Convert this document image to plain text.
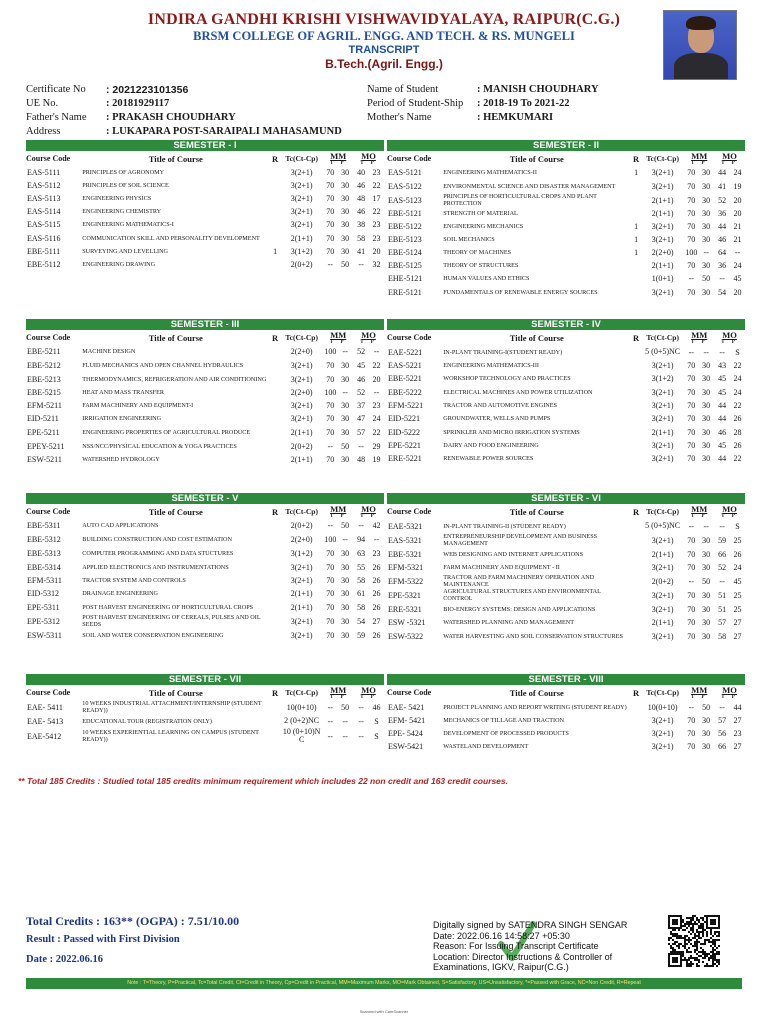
INDIRA GANDHI KRISHI VISHWAVIDYALAYA, RAIPUR(C.G.)
BRSM COLLEGE OF AGRIL. ENGG. AND TECH. & RS. MUNGELI
TRANSCRIPT
B.Tech.(Agril. Engg.)
Certificate No : 2021223101356
UE No.	: 20181929117
Father's Name : PRAKASH CHOUDHARY
Address	: LUKAPARA POST-SARAIPALI MAHASAMUND
Name of Student	: MANISH CHOUDHARY
Period of Student-Ship : 2018-19 To 2021-22
Mother's Name	: HEMKUMARI
SEMESTER - I
Course Code	Title of Course	R	Tc(Ct-Cp)	MM
T P		MO
T P	

EAS-5111	PRINCIPLES OF AGRONOMY		3(2+1)	70	30	40	23
EAS-5112	PRINCIPLES OF SOIL SCIENCE		3(2+1)	70	30	46	22
EAS-5113	ENGINEERING PHYSICS		3(2+1)	70	30	48	17
EAS-5114	ENGINEERING CHEMISTRY		3(2+1)	70	30	46	22
EAS-5115	ENGINEERING MATHEMATICS-I		3(2+1)	70	30	38	23
EAS-5116	COMMUNICATION SKILL AND PERSONALITY DEVELOPMENT		2(1+1)	70	30	58	23
EBE-5111	SURVEYING AND LEVELLING	1	3(1+2)	70	30	41	20
EBE-5112	ENGINEERING DRAWING		2(0+2)	--	50	--	32
SEMESTER - II
Course Code	Title of Course	R	Tc(Ct-Cp)	MM
T P		MO
T P	

EAS-5121	ENGINEERING MATHEMATICS-II	1	3(2+1)	70	30	44	24
EAS-5122	ENVIRONMENTAL SCIENCE AND DISASTER MANAGEMENT		3(2+1)	70	30	41	19
EAS-5123	PRINCIPLES OF HORTICULTURAL CROPS AND PLANT PROTECTION		2(1+1)	70	30	52	20
EBE-5121	STRENGTH OF MATERIAL		2(1+1)	70	30	36	20
EBE-5122	ENGINEERING MECHANICS	1	3(2+1)	70	30	44	21
EBE-5123	SOIL MECHANICS	1	3(2+1)	70	30	46	21
EBE-5124	THEORY OF MACHINES	1	2(2+0)	100	--	64	--
EBE-5125	THEORY OF STRUCTURES		2(1+1)	70	30	36	24
EHE-5121	HUMAN VALUES AND ETHICS		1(0+1)	--	50	--	45
ERE-5121	FUNDAMENTALS OF RENEWABLE ENERGY SOURCES		3(2+1)	70	30	54	20
SEMESTER - III
Course Code	Title of Course	R	Tc(Ct-Cp)	MM
T P		MO
T P	

EBE-5211	MACHINE DESIGN		2(2+0)	100	--	52	--
EBE-5212	FLUID MECHANICS AND OPEN CHANNEL HYDRAULICS		3(2+1)	70	30	45	22
EBE-5213	THERMODYNAMICS, REFRIGERATION AND AIR CONDITIONING		3(2+1)	70	30	46	20
EBE-5215	HEAT AND MASS TRANSFER		2(2+0)	100	--	52	--
EFM-5211	FARM MACHINERY AND EQUIPMENT-I		3(2+1)	70	30	37	23
EID-5211	IRRIGATION ENGINEERING		3(2+1)	70	30	47	24
EPE-5211	ENGINEERING PROPERTIES OF AGRICULTURAL PRODUCE		2(1+1)	70	30	57	22
EPEY-5211	NSS/NCC/PHYSICAL EDUCATION & YOGA PRACTICES		2(0+2)	--	50	--	29
ESW-5211	WATERSHED HYDROLOGY		2(1+1)	70	30	48	19
SEMESTER - IV
Course Code	Title of Course	R	Tc(Ct-Cp)	MM
T P		MO
T P	

EAE-5221	IN-PLANT TRAINING-I(STUDENT READY)		5 (0+5)NC	--	--	--	S
EAS-5221	ENGINEERING MATHEMATICS-III		3(2+1)	70	30	43	22
EBE-5221	WORKSHOP TECHNOLOGY AND PRACTICES		3(1+2)	70	30	45	24
EBE-5222	ELECTRICAL MACHINES AND POWER UTILIZATION		3(2+1)	70	30	45	24
EFM-5221	TRACTOR AND AUTOMOTIVE ENGINES		3(2+1)	70	30	44	22
EID-5221	GROUNDWATER, WELLS AND PUMPS		3(2+1)	70	30	44	26
EID-5222	SPRINKLER AND MICRO IRRIGATION SYSTEMS		2(1+1)	70	30	46	28
EPE-5221	DAIRY AND FOOD ENGINEERING		3(2+1)	70	30	45	26
ERE-5221	RENEWABLE POWER SOURCES		3(2+1)	70	30	44	22
SEMESTER - V
Course Code	Title of Course	R	Tc(Ct-Cp)	MM
T P		MO
T P	

EBE-5311	AUTO CAD APPLICATIONS		2(0+2)	--	50	--	42
EBE-5312	BUILDING CONSTRUCTION AND COST ESTIMATION		2(2+0)	100	--	94	--
EBE-5313	COMPUTER PROGRAMMING AND DATA STUCTURES		3(1+2)	70	30	63	23
EBE-5314	APPLIED ELECTRONICS AND INSTRUMENTATIONS		3(2+1)	70	30	55	26
EFM-5311	TRACTOR SYSTEM AND CONTROLS		3(2+1)	70	30	58	26
EID-5312	DRAINAGE ENGINEERING		2(1+1)	70	30	61	26
EPE-5311	POST HARVEST ENGINEERING OF HORTICULTURAL CROPS		2(1+1)	70	30	58	26
EPE-5312	POST HARVEST ENGINEERING OF CEREALS, PULSES AND OIL SEEDS		3(2+1)	70	30	54	27
ESW-5311	SOIL AND WATER CONSERVATION ENGINEERING		3(2+1)	70	30	59	26
SEMESTER - VI
Course Code	Title of Course	R	Tc(Ct-Cp)	MM
T P		MO
T P	

EAE-5321	IN-PLANT TRAINING-II (STUDENT READY)		5 (0+5)NC	--	--	--	S
EAS-5321	ENTREPRENEURSHIP DEVELOPMENT AND BUSINESS MANAGEMENT		3(2+1)	70	30	59	25
EBE-5321	WEB DESIGNING AND INTERNET APPLICATIONS		2(1+1)	70	30	66	26
EFM-5321	FARM MACHINERY AND EQUIPMENT - II		3(2+1)	70	30	52	24
EFM-5322	TRACTOR AND FARM MACHINERY OPERATION AND MAINTENANCE		2(0+2)	--	50	--	45
EPE-5321	AGRICULTURAL STRUCTURES AND ENVIRONMENTAL CONTROL		3(2+1)	70	30	51	25
ERE-5321	BIO-ENERGY SYSTEMS: DESIGN AND APPLICATIONS		3(2+1)	70	30	51	25
ESW -5321	WATERSHED PLANNING AND MANAGEMENT		2(1+1)	70	30	57	27
ESW-5322	WATER HARVESTING AND SOIL CONSERVATION STRUCTURES		3(2+1)	70	30	58	27
SEMESTER - VII
Course Code	Title of Course	R	Tc(Ct-Cp)	MM
T P		MO
T P	

EAE- 5411	10 WEEKS INDUSTRIAL ATTACHMENT/INTERNSHIP (STUDENT READY))		10(0+10)	--	50	--	46
EAE- 5413	EDUCATIONAL TOUR (REGISTRATION ONLY)		2 (0+2)NC	--	--	--	S
EAE-5412	10 WEEKS EXPERIENTIAL LEARNING ON CAMPUS (STUDENT READY))		10 (0+10)N C	--	--	--	S
SEMESTER - VIII
Course Code	Title of Course	R	Tc(Ct-Cp)	MM
T P		MO
T P	

EAE- 5421	PROJECT PLANNING AND REPORT WRITING (STUDENT READY)		10(0+10)	--	50	--	44
EFM- 5421	MECHANICS OF TILLAGE AND TRACTION		3(2+1)	70	30	57	27
EPE- 5424	DEVELOPMENT OF PROCESSED PRODUCTS		3(2+1)	70	30	56	23
ESW-5421	WASTELAND DEVELOPMENT		3(2+1)	70	30	66	27
** Total 185 Credits : Studied total 185 credits minimum requirement which includes 22 non credit and 163 credit courses.
Total Credits : 163** (OGPA) : 7.51/10.00
Result : Passed with First Division
Date : 2022.06.16
Digitally signed by SATENDRA SINGH SENGAR
Date: 2022.06.16 14:58:27 +05:30
Reason: For Issuing Transcript Certificate
Location: Director Instructions & Controller of
Examinations, IGKV, Raipur(C.G.)
Note : T=Theory, P=Practical, Tc=Total Credit, Ct=Credit in Theory, Cp=Credit in Practical, MM=Maximum Marks, MO=Mark Obtained, S=Satisfactory, US=Unsatisfactory, *=Passed with Grace, NC=Non Credit, R=Repeat
Scanned with CamScanner
